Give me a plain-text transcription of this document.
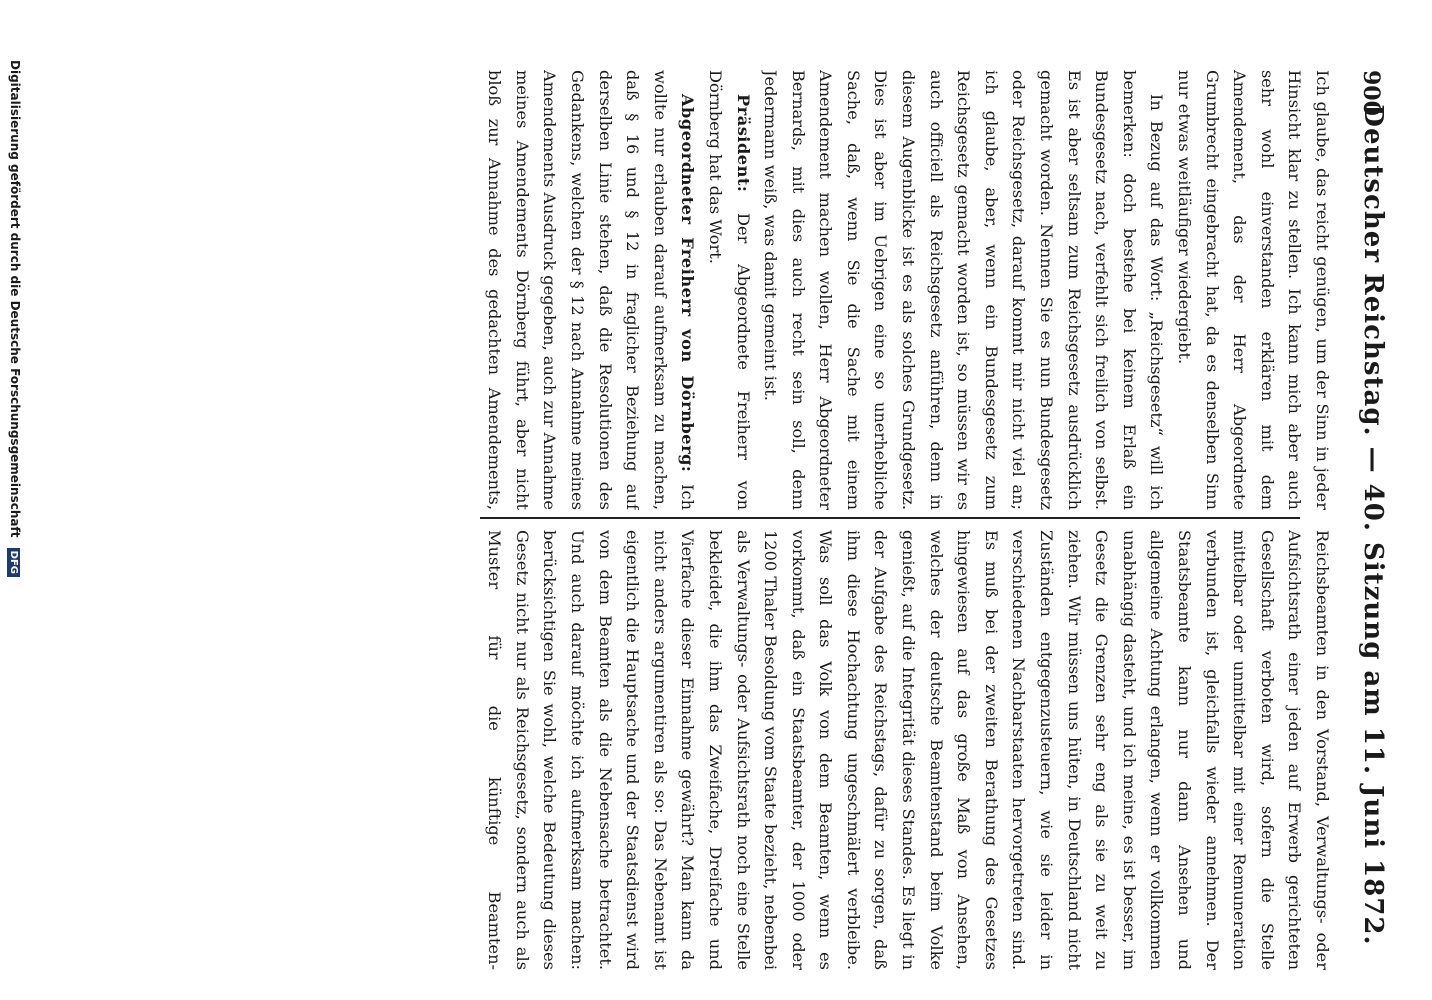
900
Deutscher Reichstag. — 40. Sitzung am 11. Juni 1872.

Ich glaube, das reicht genügen, um der Sinn in jeder Hinsicht klar zu stellen. Ich kann mich aber auch sehr wohl einverstanden erklären mit dem Amendement, das der Herr Abgeordnete Grumbrecht eingebracht hat, da es denselben Sinn nur etwas weitläufiger wiedergiebt.

In Bezug auf das Wort: „Reichsgesetz“ will ich bemerken: doch bestehe bei keinem Erlaß ein Bundesgesetz nach, verfehlt sich freilich von selbst. Es ist aber seltsam zum Reichsgesetz ausdrücklich gemacht worden. Nennen Sie es nun Bundesgesetz oder Reichsgesetz, darauf kommt mir nicht viel an; ich glaube, aber, wenn ein Bundesgesetz zum Reichsgesetz gemacht worden ist, so müssen wir es auch officiell als Reichsgesetz anführen, denn in diesem Augenblicke ist es als solches Grundgesetz. Dies ist aber im Uebrigen eine so unerhebliche Sache, daß, wenn Sie die Sache mit einem Amendement machen wollen, Herr Abgeordneter Bernards, mit dies auch recht sein soll, denn Jedermann weiß, was damit gemeint ist.

Präsident: Der Abgeordnete Freiherr von Dörnberg hat das Wort.

Abgeordneter Freiherr von Dörnberg: Ich wollte nur erlauben darauf aufmerksam zu machen, daß § 16 und § 12 in fraglicher Beziehung auf derselben Linie stehen, daß die Resolutionen des Gedankens, welchen der § 12 nach Annahme meines Amendements Ausdruck gegeben, auch zur Annahme meines Amendements Dörnberg führt, aber nicht bloß zur Annahme des gedachten Amendements,

Reichsbeamten in den Vorstand, Verwaltungs- oder Aufsichtsrath einer jeden auf Erwerb gerichteten Gesellschaft verboten wird, sofern die Stelle mittelbar oder unmittelbar mit einer Remuneration verbunden ist, gleichfalls wieder annehmen. Der Staatsbeamte kann nur dann Ansehen und allgemeine Achtung erlangen, wenn er vollkommen unabhängig dasteht, und ich meine, es ist besser, im Gesetz die Grenzen sehr eng als sie zu weit zu ziehen. Wir müssen uns hüten, in Deutschland nicht Zuständen entgegenzusteuern, wie sie leider in verschiedenen Nachbarstaaten hervorgetreten sind. Es muß bei der zweiten Berathung des Gesetzes hingewiesen auf das große Maß von Ansehen, welches der deutsche Beamtenstand beim Volke genießt, auf die Integrität dieses Standes. Es liegt in der Aufgabe des Reichstags, dafür zu sorgen, daß ihm diese Hochachtung ungeschmälert verbleibe. Was soll das Volk von dem Beamten, wenn es vorkommt, daß ein Staatsbeamter, der 1000 oder 1200 Thaler Besoldung vom Staate bezieht, nebenbei als Verwaltungs- oder Aufsichtsrath noch eine Stelle bekleidet, die ihm das Zweifache, Dreifache und Vierfache dieser Einnahme gewährt? Man kann da nicht anders argumentiren als so: Das Nebenamt ist eigentlich die Hauptsache und der Staatsdienst wird von dem Beamten als die Nebensache betrachtet. Und auch darauf möchte ich aufmerksam machen: berücksichtigen Sie wohl, welche Bedeutung dieses Gesetz nicht nur als Reichsgesetz, sondern auch als Muster für die künftige Beamten-

Digitalisierung gefördert durch die Deutsche Forschungsgemeinschaft DFG
